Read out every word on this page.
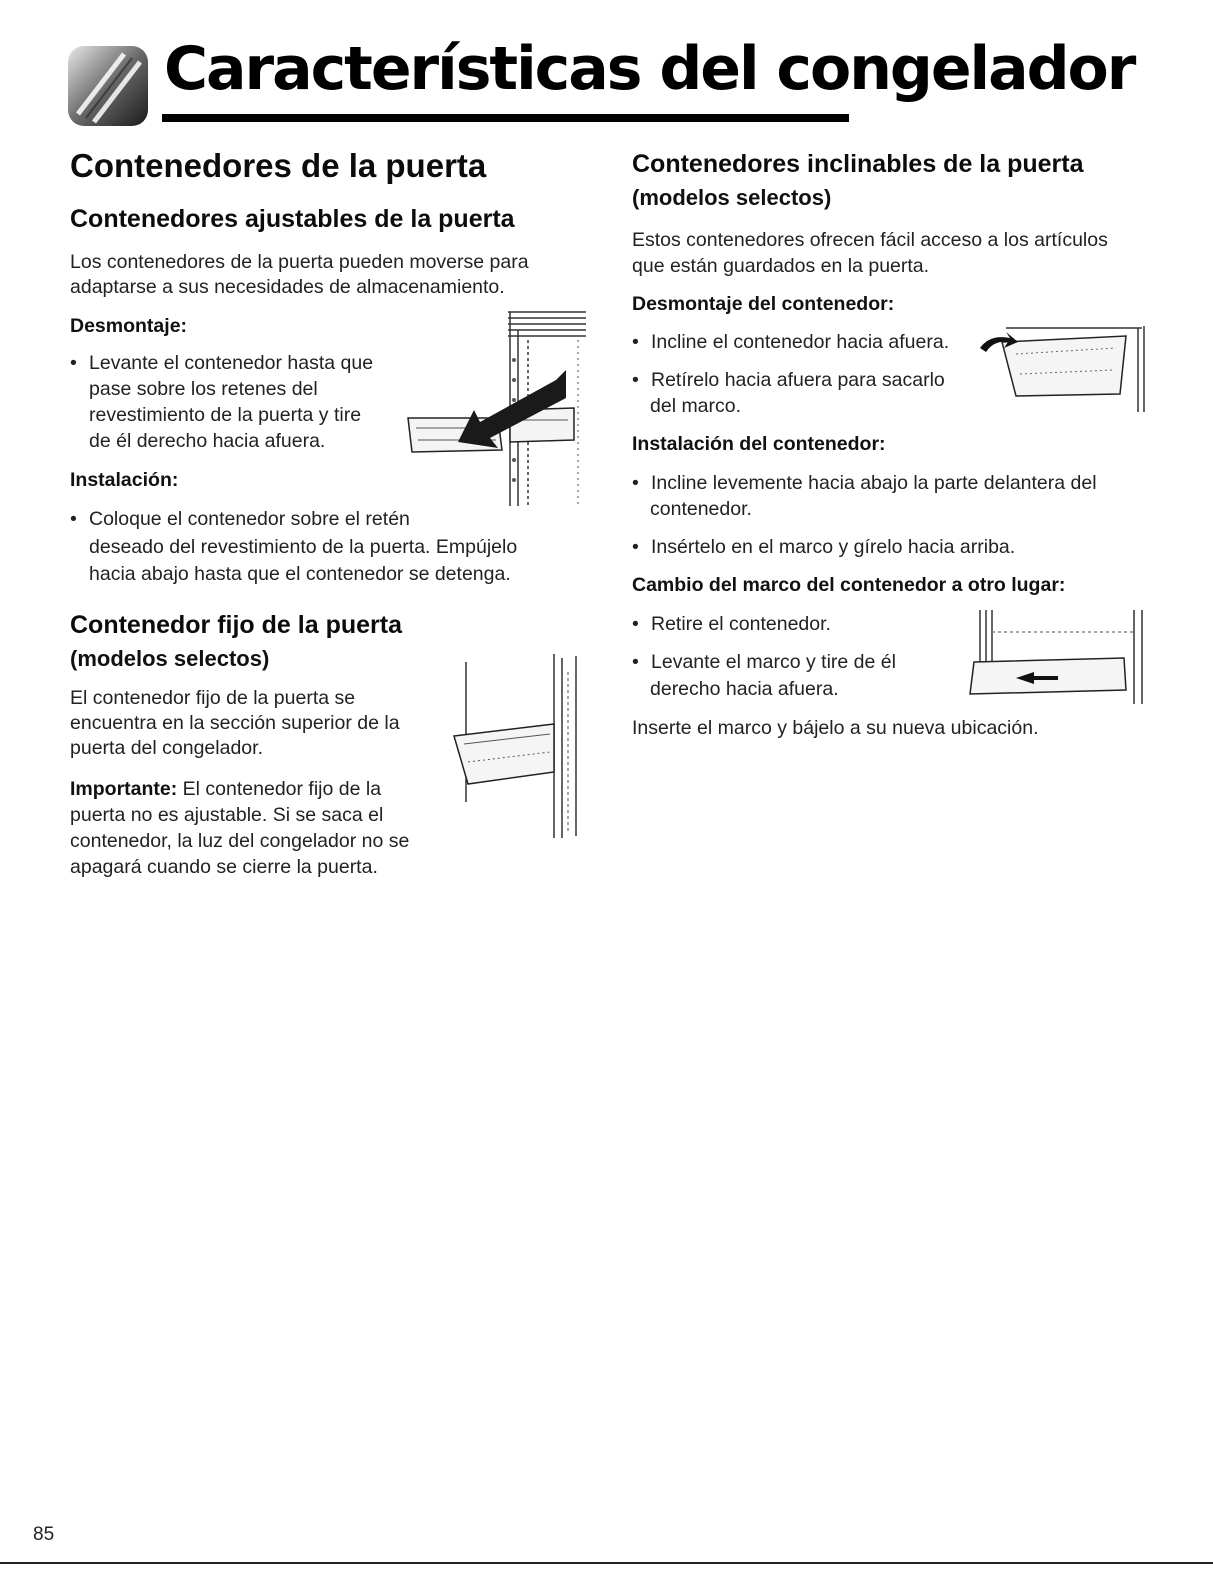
Características del congelador
Contenedores de la puerta
Contenedores ajustables de la puerta

Los contenedores de la puerta pueden moverse para

adaptarse a sus necesidades de almacenamiento.

Desmontaje:

• Levante el contenedor hasta que

pase sobre los retenes del

revestimiento de la puerta y tire

de él derecho hacia afuera.

Instalación:

• Coloque el contenedor sobre el retén

deseado del revestimiento de la puerta. Empújelo

hacia abajo hasta que el contenedor se detenga.

Contenedor fijo de la puerta

(modelos selectos)

El contenedor fijo de la puerta se

encuentra en la sección superior de la

puerta del congelador.

Importante: El contenedor fijo de la

puerta no es ajustable. Si se saca el

contenedor, la luz del congelador no se

apagará cuando se cierre la puerta.

Contenedores inclinables de la puerta

(modelos selectos)

Estos contenedores ofrecen fácil acceso a los artículos

que están guardados en la puerta.

Desmontaje del contenedor:

• Incline el contenedor hacia afuera.

• Retírelo hacia afuera para sacarlo

del marco.

Instalación del contenedor:

• Incline levemente hacia abajo la parte delantera del

contenedor.

• Insértelo en el marco y gírelo hacia arriba.

Cambio del marco del contenedor a otro lugar:

• Retire el contenedor.

• Levante el marco y tire de él

derecho hacia afuera.

Inserte el marco y bájelo a su nueva ubicación.

85
